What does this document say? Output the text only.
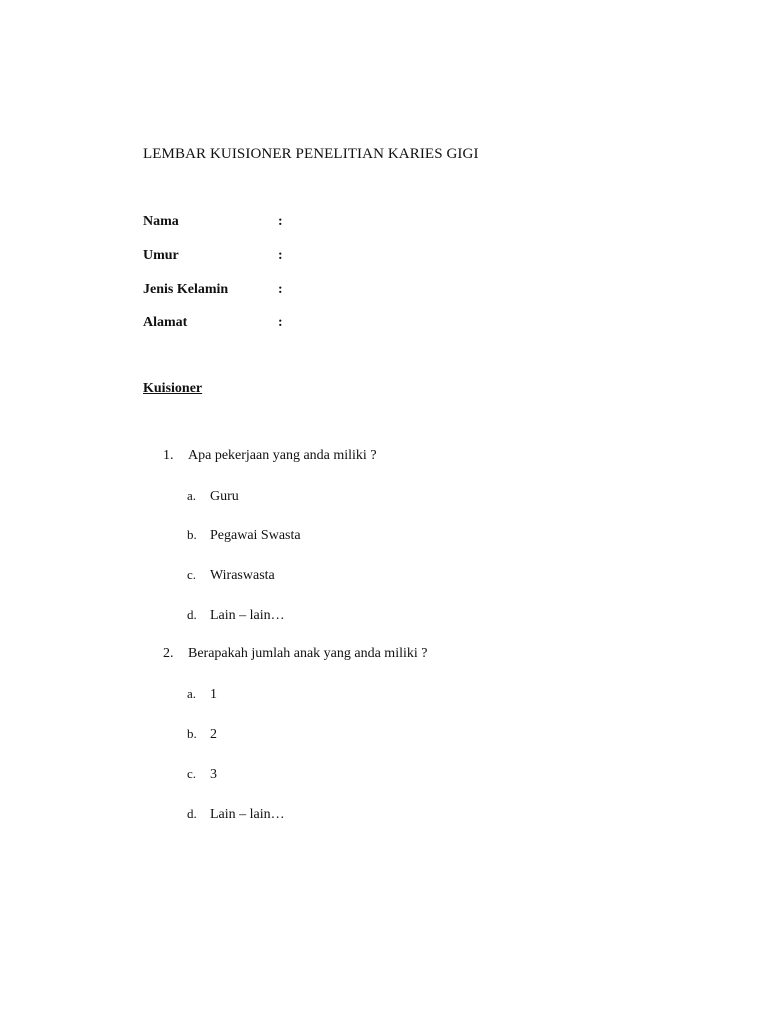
LEMBAR KUISIONER PENELITIAN KARIES GIGI
Nama	:
Umur	:
Jenis Kelamin	:
Alamat	:
Kuisioner
1. Apa pekerjaan yang anda miliki ?
a. Guru
b. Pegawai Swasta
c. Wiraswasta
d. Lain – lain…
2. Berapakah jumlah anak yang anda miliki ?
a. 1
b. 2
c. 3
d. Lain – lain…
